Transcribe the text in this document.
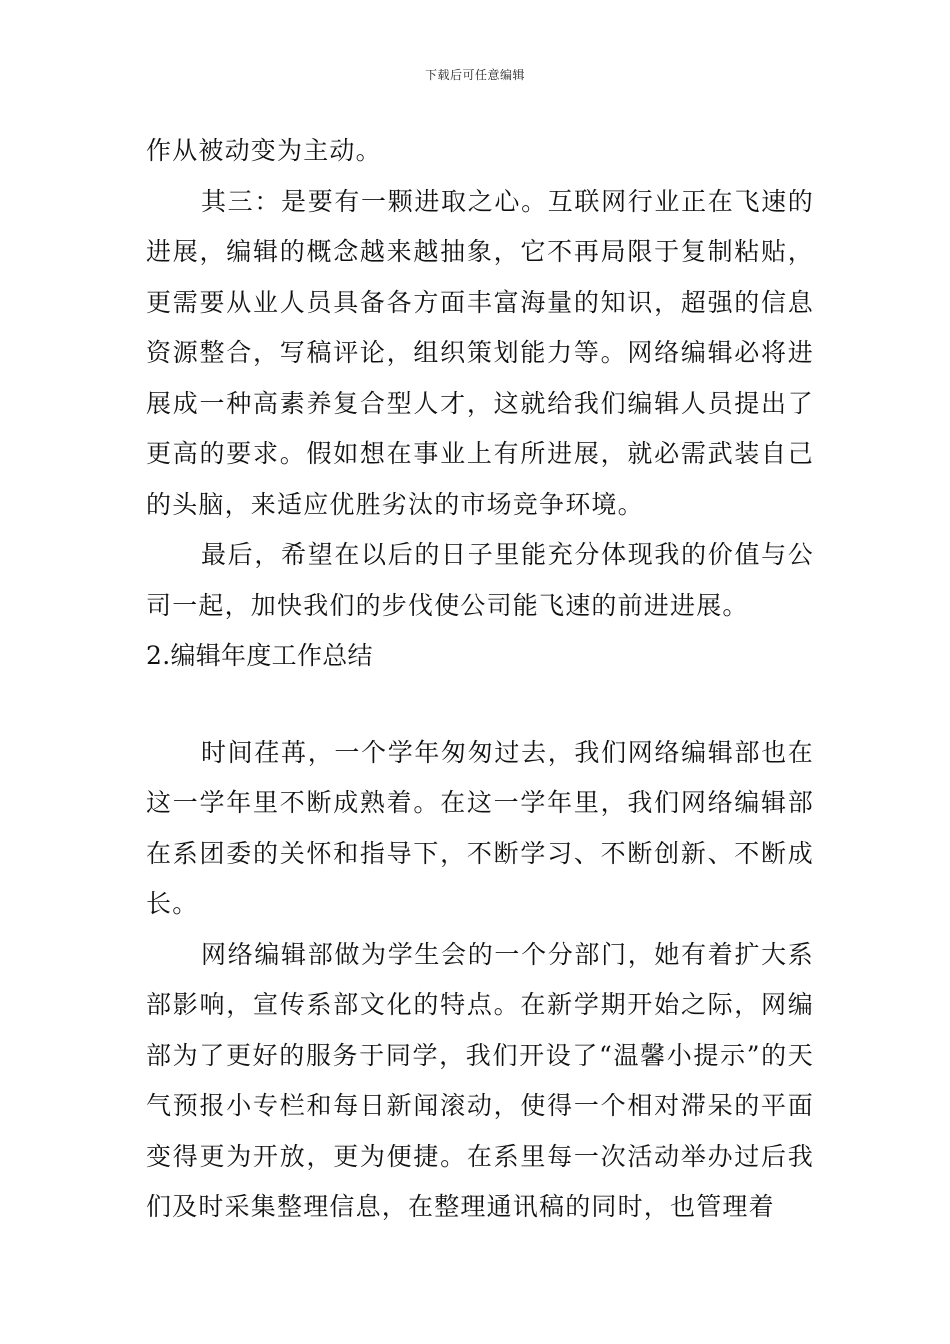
下载后可任意编辑

作从被动变为主动。

其三：是要有一颗进取之心。互联网行业正在飞速的进展，编辑的概念越来越抽象，它不再局限于复制粘贴，更需要从业人员具备各方面丰富海量的知识，超强的信息资源整合，写稿评论，组织策划能力等。网络编辑必将进展成一种高素养复合型人才，这就给我们编辑人员提出了更高的要求。假如想在事业上有所进展，就必需武装自己的头脑，来适应优胜劣汰的市场竞争环境。

最后，希望在以后的日子里能充分体现我的价值与公司一起，加快我们的步伐使公司能飞速的前进进展。

2.编辑年度工作总结

时间荏苒，一个学年匆匆过去，我们网络编辑部也在这一学年里不断成熟着。在这一学年里，我们网络编辑部在系团委的关怀和指导下，不断学习、不断创新、不断成长。

网络编辑部做为学生会的一个分部门，她有着扩大系部影响，宣传系部文化的特点。在新学期开始之际，网编部为了更好的服务于同学，我们开设了“温馨小提示”的天气预报小专栏和每日新闻滚动，使得一个相对滞呆的平面变得更为开放，更为便捷。在系里每一次活动举办过后我们及时采集整理信息，在整理通讯稿的同时，也管理着
